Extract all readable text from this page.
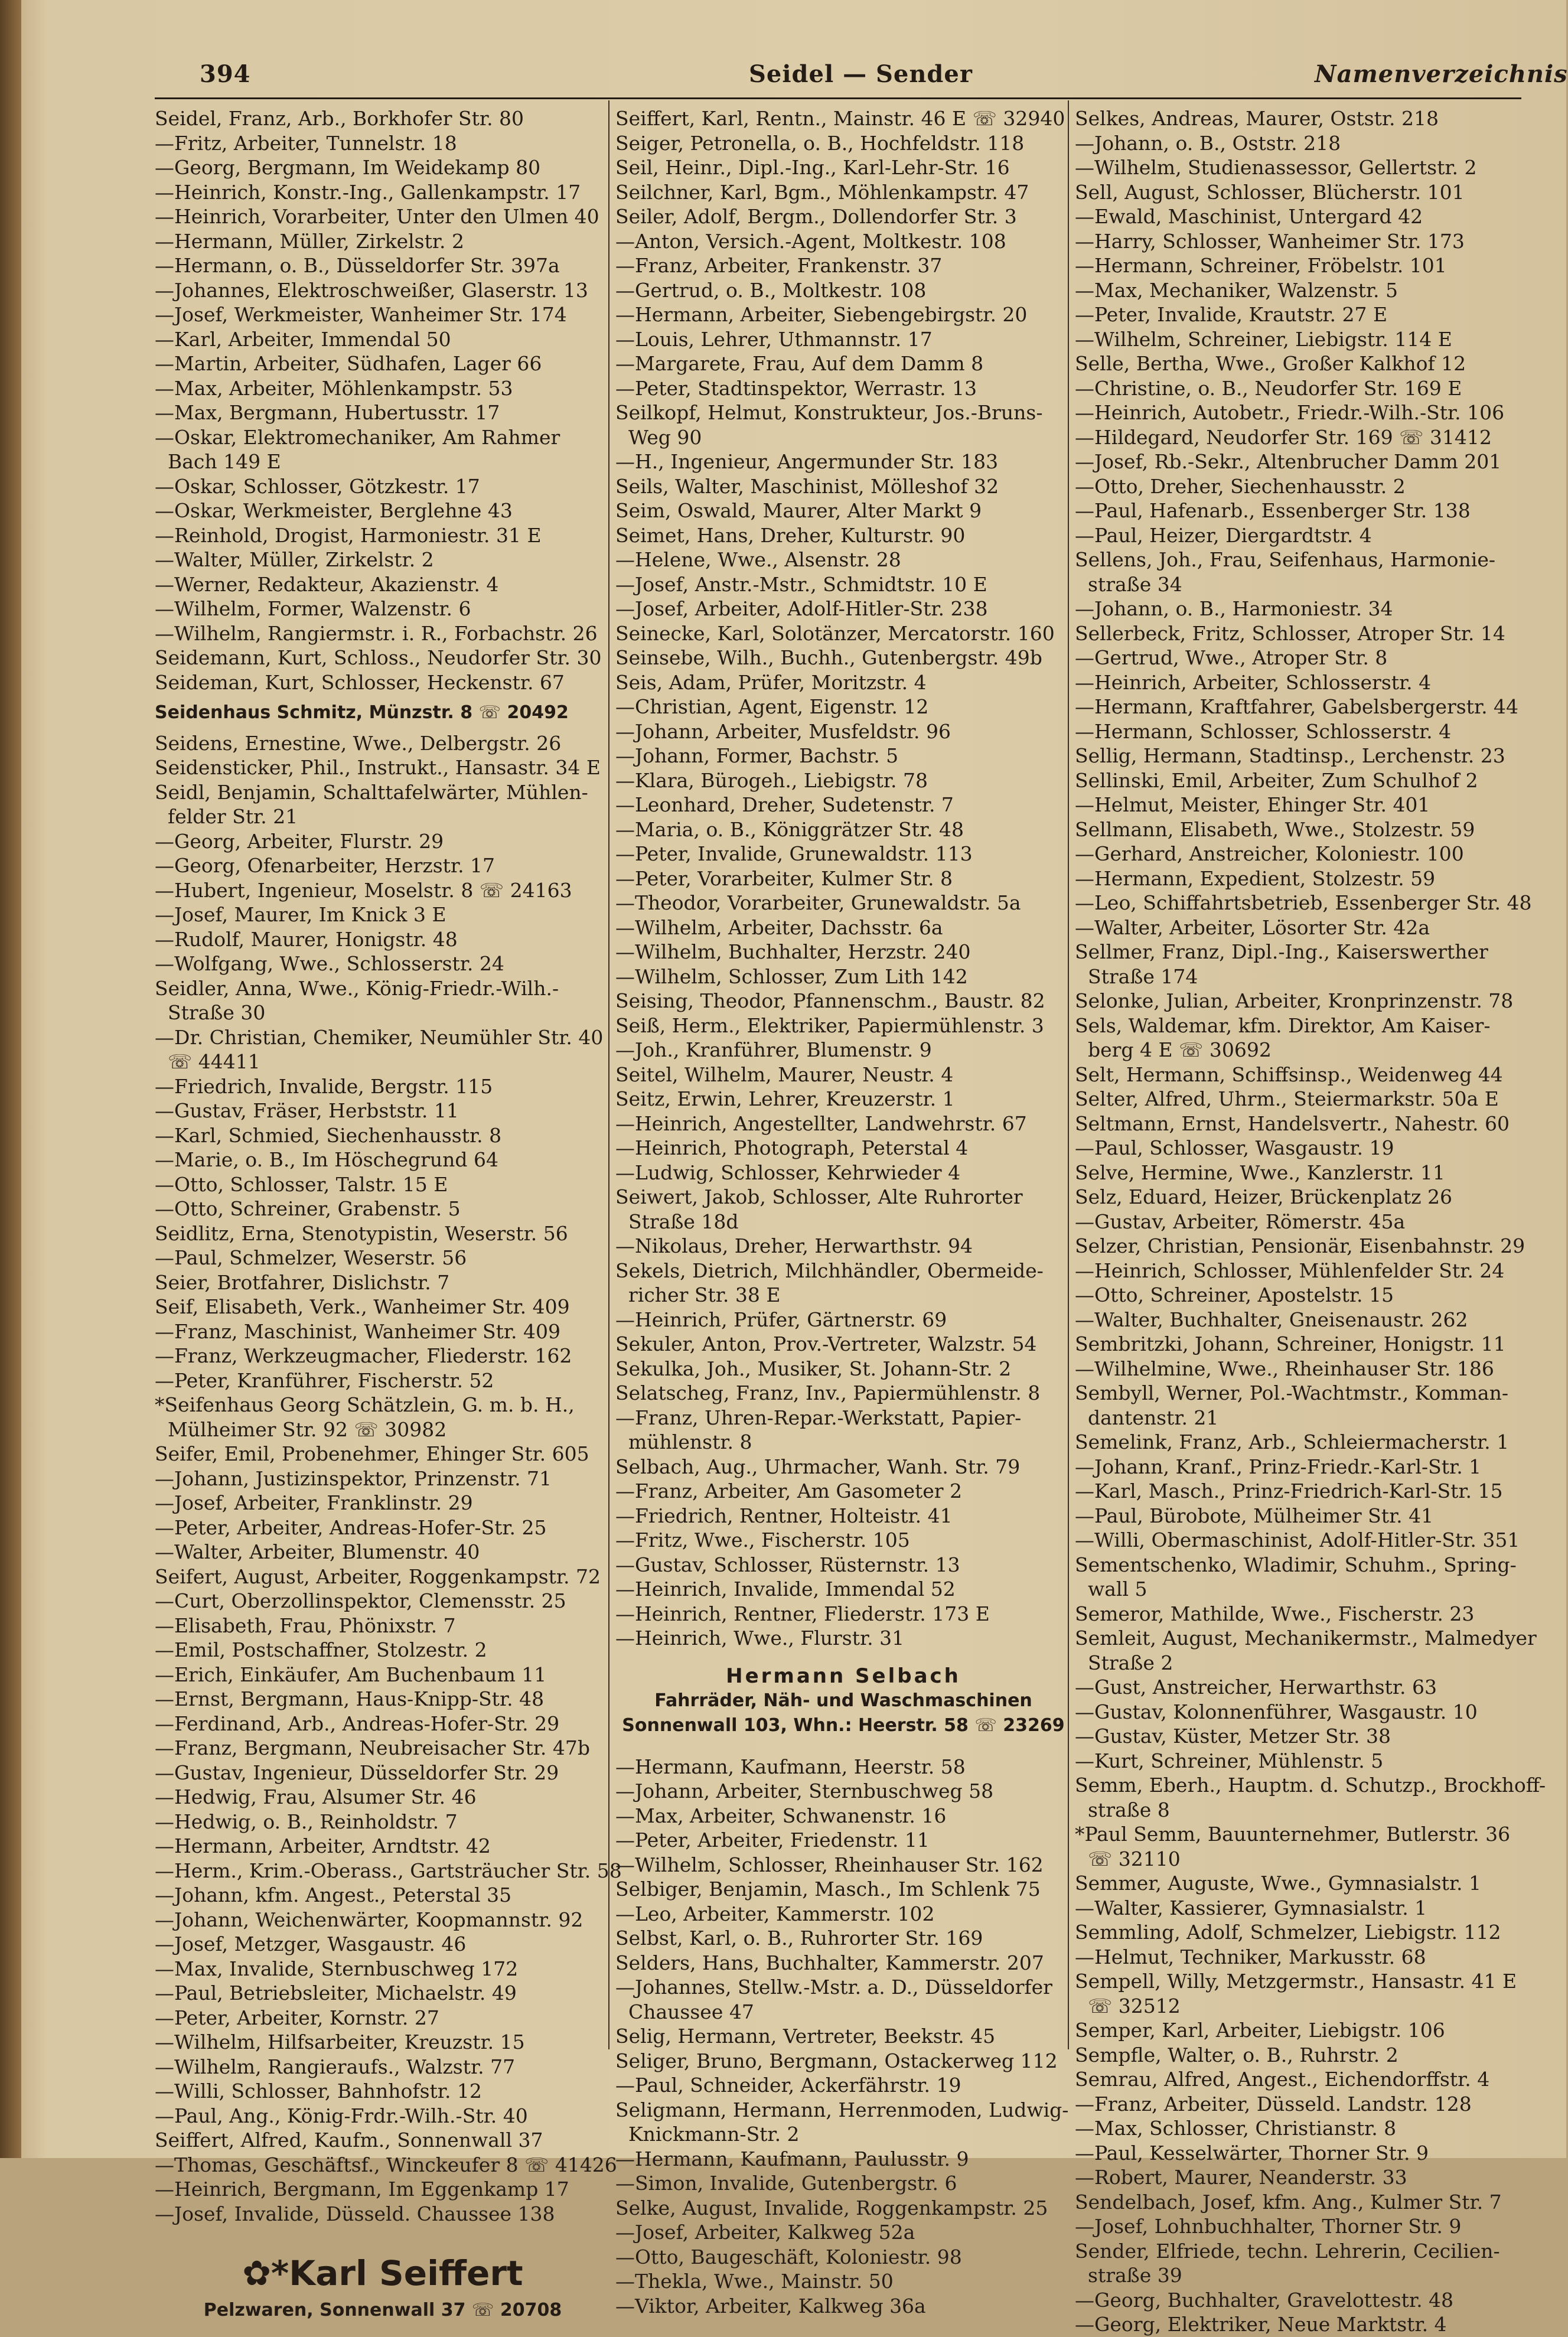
394	Seidel — Sender	Namenverzeichnis
Seidel, Franz, Arb., Borkhofer Str. 80
—Fritz, Arbeiter, Tunnelstr. 18
—Georg, Bergmann, Im Weidekamp 80
—Heinrich, Konstr.-Ing., Gallenkampstr. 17
—Heinrich, Vorarbeiter, Unter den Ulmen 40
—Hermann, Müller, Zirkelstr. 2
—Hermann, o. B., Düsseldorfer Str. 397a
—Johannes, Elektroschweißer, Glaserstr. 13
—Josef, Werkmeister, Wanheimer Str. 174
—Karl, Arbeiter, Immendal 50
—Martin, Arbeiter, Südhafen, Lager 66
—Max, Arbeiter, Möhlenkampstr. 53
—Max, Bergmann, Hubertusstr. 17
—Oskar, Elektromechaniker, Am Rahmer
Bach 149 E
—Oskar, Schlosser, Götzkestr. 17
—Oskar, Werkmeister, Berglehne 43
—Reinhold, Drogist, Harmoniestr. 31 E
—Walter, Müller, Zirkelstr. 2
—Werner, Redakteur, Akazienstr. 4
—Wilhelm, Former, Walzenstr. 6
—Wilhelm, Rangiermstr. i. R., Forbachstr. 26
Seidemann, Kurt, Schloss., Neudorfer Str. 30
Seideman, Kurt, Schlosser, Heckenstr. 67
Seidenhaus Schmitz, Münzstr. 8 ☏ 20492
Seidens, Ernestine, Wwe., Delbergstr. 26
Seidensticker, Phil., Instrukt., Hansastr. 34 E
Seidl, Benjamin, Schalttafelwärter, Mühlen-
felder Str. 21
—Georg, Arbeiter, Flurstr. 29
—Georg, Ofenarbeiter, Herzstr. 17
—Hubert, Ingenieur, Moselstr. 8 ☏ 24163
—Josef, Maurer, Im Knick 3 E
—Rudolf, Maurer, Honigstr. 48
—Wolfgang, Wwe., Schlosserstr. 24
Seidler, Anna, Wwe., König-Friedr.-Wilh.-
Straße 30
—Dr. Christian, Chemiker, Neumühler Str. 40
☏ 44411
—Friedrich, Invalide, Bergstr. 115
—Gustav, Fräser, Herbststr. 11
—Karl, Schmied, Siechenhausstr. 8
—Marie, o. B., Im Höschegrund 64
—Otto, Schlosser, Talstr. 15 E
—Otto, Schreiner, Grabenstr. 5
Seidlitz, Erna, Stenotypistin, Weserstr. 56
—Paul, Schmelzer, Weserstr. 56
Seier, Brotfahrer, Dislichstr. 7
Seif, Elisabeth, Verk., Wanheimer Str. 409
—Franz, Maschinist, Wanheimer Str. 409
—Franz, Werkzeugmacher, Fliederstr. 162
—Peter, Kranführer, Fischerstr. 52
*Seifenhaus Georg Schätzlein, G. m. b. H.,
Mülheimer Str. 92 ☏ 30982
Seifer, Emil, Probenehmer, Ehinger Str. 605
—Johann, Justizinspektor, Prinzenstr. 71
—Josef, Arbeiter, Franklinstr. 29
—Peter, Arbeiter, Andreas-Hofer-Str. 25
—Walter, Arbeiter, Blumenstr. 40
Seifert, August, Arbeiter, Roggenkampstr. 72
—Curt, Oberzollinspektor, Clemensstr. 25
—Elisabeth, Frau, Phönixstr. 7
—Emil, Postschaffner, Stolzestr. 2
—Erich, Einkäufer, Am Buchenbaum 11
—Ernst, Bergmann, Haus-Knipp-Str. 48
—Ferdinand, Arb., Andreas-Hofer-Str. 29
—Franz, Bergmann, Neubreisacher Str. 47b
—Gustav, Ingenieur, Düsseldorfer Str. 29
—Hedwig, Frau, Alsumer Str. 46
—Hedwig, o. B., Reinholdstr. 7
—Hermann, Arbeiter, Arndtstr. 42
—Herm., Krim.-Oberass., Gartsträucher Str. 58
—Johann, kfm. Angest., Peterstal 35
—Johann, Weichenwärter, Koopmannstr. 92
—Josef, Metzger, Wasgaustr. 46
—Max, Invalide, Sternbuschweg 172
—Paul, Betriebsleiter, Michaelstr. 49
—Peter, Arbeiter, Kornstr. 27
—Wilhelm, Hilfsarbeiter, Kreuzstr. 15
—Wilhelm, Rangieraufs., Walzstr. 77
—Willi, Schlosser, Bahnhofstr. 12
—Paul, Ang., König-Frdr.-Wilh.-Str. 40
Seiffert, Alfred, Kaufm., Sonnenwall 37
—Thomas, Geschäftsf., Winckeufer 8 ☏ 41426
—Heinrich, Bergmann, Im Eggenkamp 17
—Josef, Invalide, Düsseld. Chaussee 138
✿*Karl Seiffert
Pelzwaren, Sonnenwall 37 ☏ 20708
Seiffert, Karl, Rentn., Mainstr. 46 E ☏ 32940
Seiger, Petronella, o. B., Hochfeldstr. 118
Seil, Heinr., Dipl.-Ing., Karl-Lehr-Str. 16
Seilchner, Karl, Bgm., Möhlenkampstr. 47
Seiler, Adolf, Bergm., Dollendorfer Str. 3
—Anton, Versich.-Agent, Moltkestr. 108
—Franz, Arbeiter, Frankenstr. 37
—Gertrud, o. B., Moltkestr. 108
—Hermann, Arbeiter, Siebengebirgstr. 20
—Louis, Lehrer, Uthmannstr. 17
—Margarete, Frau, Auf dem Damm 8
—Peter, Stadtinspektor, Werrastr. 13
Seilkopf, Helmut, Konstrukteur, Jos.-Bruns-
Weg 90
—H., Ingenieur, Angermunder Str. 183
Seils, Walter, Maschinist, Mölleshof 32
Seim, Oswald, Maurer, Alter Markt 9
Seimet, Hans, Dreher, Kulturstr. 90
—Helene, Wwe., Alsenstr. 28
—Josef, Anstr.-Mstr., Schmidtstr. 10 E
—Josef, Arbeiter, Adolf-Hitler-Str. 238
Seinecke, Karl, Solotänzer, Mercatorstr. 160
Seinsebe, Wilh., Buchh., Gutenbergstr. 49b
Seis, Adam, Prüfer, Moritzstr. 4
—Christian, Agent, Eigenstr. 12
—Johann, Arbeiter, Musfeldstr. 96
—Johann, Former, Bachstr. 5
—Klara, Bürogeh., Liebigstr. 78
—Leonhard, Dreher, Sudetenstr. 7
—Maria, o. B., Königgrätzer Str. 48
—Peter, Invalide, Grunewaldstr. 113
—Peter, Vorarbeiter, Kulmer Str. 8
—Theodor, Vorarbeiter, Grunewaldstr. 5a
—Wilhelm, Arbeiter, Dachsstr. 6a
—Wilhelm, Buchhalter, Herzstr. 240
—Wilhelm, Schlosser, Zum Lith 142
Seising, Theodor, Pfannenschm., Baustr. 82
Seiß, Herm., Elektriker, Papiermühlenstr. 3
—Joh., Kranführer, Blumenstr. 9
Seitel, Wilhelm, Maurer, Neustr. 4
Seitz, Erwin, Lehrer, Kreuzerstr. 1
—Heinrich, Angestellter, Landwehrstr. 67
—Heinrich, Photograph, Peterstal 4
—Ludwig, Schlosser, Kehrwieder 4
Seiwert, Jakob, Schlosser, Alte Ruhrorter
Straße 18d
—Nikolaus, Dreher, Herwarthstr. 94
Sekels, Dietrich, Milchhändler, Obermeide-
richer Str. 38 E
—Heinrich, Prüfer, Gärtnerstr. 69
Sekuler, Anton, Prov.-Vertreter, Walzstr. 54
Sekulka, Joh., Musiker, St. Johann-Str. 2
Selatscheg, Franz, Inv., Papiermühlenstr. 8
—Franz, Uhren-Repar.-Werkstatt, Papier-
mühlenstr. 8
Selbach, Aug., Uhrmacher, Wanh. Str. 79
—Franz, Arbeiter, Am Gasometer 2
—Friedrich, Rentner, Holteistr. 41
—Fritz, Wwe., Fischerstr. 105
—Gustav, Schlosser, Rüsternstr. 13
—Heinrich, Invalide, Immendal 52
—Heinrich, Rentner, Fliederstr. 173 E
—Heinrich, Wwe., Flurstr. 31
Hermann Selbach
Fahrräder, Näh- und Waschmaschinen
Sonnenwall 103, Whn.: Heerstr. 58 ☏ 23269
—Hermann, Kaufmann, Heerstr. 58
—Johann, Arbeiter, Sternbuschweg 58
—Max, Arbeiter, Schwanenstr. 16
—Peter, Arbeiter, Friedenstr. 11
—Wilhelm, Schlosser, Rheinhauser Str. 162
Selbiger, Benjamin, Masch., Im Schlenk 75
—Leo, Arbeiter, Kammerstr. 102
Selbst, Karl, o. B., Ruhrorter Str. 169
Selders, Hans, Buchhalter, Kammerstr. 207
—Johannes, Stellw.-Mstr. a. D., Düsseldorfer
Chaussee 47
Selig, Hermann, Vertreter, Beekstr. 45
Seliger, Bruno, Bergmann, Ostackerweg 112
—Paul, Schneider, Ackerfährstr. 19
Seligmann, Hermann, Herrenmoden, Ludwig-
Knickmann-Str. 2
—Hermann, Kaufmann, Paulusstr. 9
—Simon, Invalide, Gutenbergstr. 6
Selke, August, Invalide, Roggenkampstr. 25
—Josef, Arbeiter, Kalkweg 52a
—Otto, Baugeschäft, Koloniestr. 98
—Thekla, Wwe., Mainstr. 50
—Viktor, Arbeiter, Kalkweg 36a
Selkes, Andreas, Maurer, Oststr. 218
—Johann, o. B., Oststr. 218
—Wilhelm, Studienassessor, Gellertstr. 2
Sell, August, Schlosser, Blücherstr. 101
—Ewald, Maschinist, Untergard 42
—Harry, Schlosser, Wanheimer Str. 173
—Hermann, Schreiner, Fröbelstr. 101
—Max, Mechaniker, Walzenstr. 5
—Peter, Invalide, Krautstr. 27 E
—Wilhelm, Schreiner, Liebigstr. 114 E
Selle, Bertha, Wwe., Großer Kalkhof 12
—Christine, o. B., Neudorfer Str. 169 E
—Heinrich, Autobetr., Friedr.-Wilh.-Str. 106
—Hildegard, Neudorfer Str. 169 ☏ 31412
—Josef, Rb.-Sekr., Altenbrucher Damm 201
—Otto, Dreher, Siechenhausstr. 2
—Paul, Hafenarb., Essenberger Str. 138
—Paul, Heizer, Diergardtstr. 4
Sellens, Joh., Frau, Seifenhaus, Harmonie-
straße 34
—Johann, o. B., Harmoniestr. 34
Sellerbeck, Fritz, Schlosser, Atroper Str. 14
—Gertrud, Wwe., Atroper Str. 8
—Heinrich, Arbeiter, Schlosserstr. 4
—Hermann, Kraftfahrer, Gabelsbergerstr. 44
—Hermann, Schlosser, Schlosserstr. 4
Sellig, Hermann, Stadtinsp., Lerchenstr. 23
Sellinski, Emil, Arbeiter, Zum Schulhof 2
—Helmut, Meister, Ehinger Str. 401
Sellmann, Elisabeth, Wwe., Stolzestr. 59
—Gerhard, Anstreicher, Koloniestr. 100
—Hermann, Expedient, Stolzestr. 59
—Leo, Schiffahrtsbetrieb, Essenberger Str. 48
—Walter, Arbeiter, Lösorter Str. 42a
Sellmer, Franz, Dipl.-Ing., Kaiserswerther
Straße 174
Selonke, Julian, Arbeiter, Kronprinzenstr. 78
Sels, Waldemar, kfm. Direktor, Am Kaiser-
berg 4 E ☏ 30692
Selt, Hermann, Schiffsinsp., Weidenweg 44
Selter, Alfred, Uhrm., Steiermarkstr. 50a E
Seltmann, Ernst, Handelsvertr., Nahestr. 60
—Paul, Schlosser, Wasgaustr. 19
Selve, Hermine, Wwe., Kanzlerstr. 11
Selz, Eduard, Heizer, Brückenplatz 26
—Gustav, Arbeiter, Römerstr. 45a
Selzer, Christian, Pensionär, Eisenbahnstr. 29
—Heinrich, Schlosser, Mühlenfelder Str. 24
—Otto, Schreiner, Apostelstr. 15
—Walter, Buchhalter, Gneisenaustr. 262
Sembritzki, Johann, Schreiner, Honigstr. 11
—Wilhelmine, Wwe., Rheinhauser Str. 186
Sembyll, Werner, Pol.-Wachtmstr., Komman-
dantenstr. 21
Semelink, Franz, Arb., Schleiermacherstr. 1
—Johann, Kranf., Prinz-Friedr.-Karl-Str. 1
—Karl, Masch., Prinz-Friedrich-Karl-Str. 15
—Paul, Bürobote, Mülheimer Str. 41
—Willi, Obermaschinist, Adolf-Hitler-Str. 351
Sementschenko, Wladimir, Schuhm., Spring-
wall 5
Semeror, Mathilde, Wwe., Fischerstr. 23
Semleit, August, Mechanikermstr., Malmedyer
Straße 2
—Gust, Anstreicher, Herwarthstr. 63
—Gustav, Kolonnenführer, Wasgaustr. 10
—Gustav, Küster, Metzer Str. 38
—Kurt, Schreiner, Mühlenstr. 5
Semm, Eberh., Hauptm. d. Schutzp., Brockhoff-
straße 8
*Paul Semm, Bauunternehmer, Butlerstr. 36
☏ 32110
Semmer, Auguste, Wwe., Gymnasialstr. 1
—Walter, Kassierer, Gymnasialstr. 1
Semmling, Adolf, Schmelzer, Liebigstr. 112
—Helmut, Techniker, Markusstr. 68
Sempell, Willy, Metzgermstr., Hansastr. 41 E
☏ 32512
Semper, Karl, Arbeiter, Liebigstr. 106
Sempfle, Walter, o. B., Ruhrstr. 2
Semrau, Alfred, Angest., Eichendorffstr. 4
—Franz, Arbeiter, Düsseld. Landstr. 128
—Max, Schlosser, Christianstr. 8
—Paul, Kesselwärter, Thorner Str. 9
—Robert, Maurer, Neanderstr. 33
Sendelbach, Josef, kfm. Ang., Kulmer Str. 7
—Josef, Lohnbuchhalter, Thorner Str. 9
Sender, Elfriede, techn. Lehrerin, Cecilien-
straße 39
—Georg, Buchhalter, Gravelottestr. 48
—Georg, Elektriker, Neue Marktstr. 4
